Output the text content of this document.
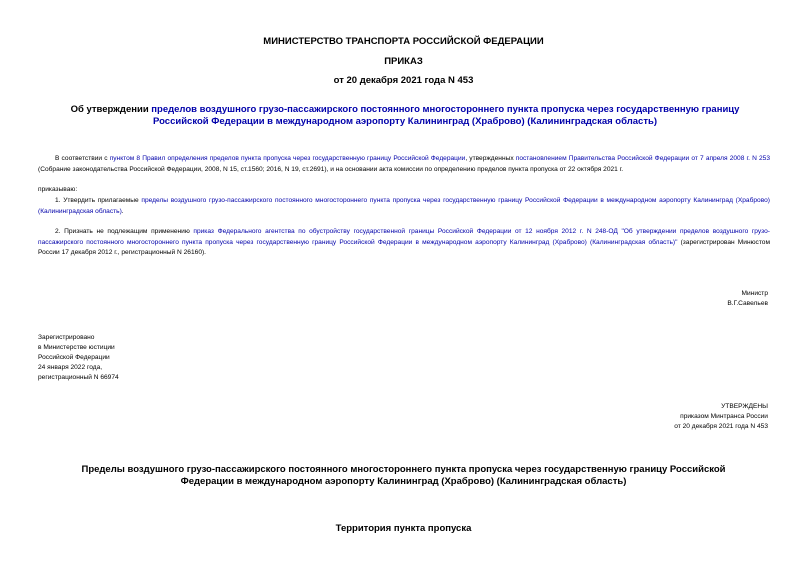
МИНИСТЕРСТВО ТРАНСПОРТА РОССИЙСКОЙ ФЕДЕРАЦИИ
ПРИКАЗ
от 20 декабря 2021 года N 453
Об утверждении пределов воздушного грузо-пассажирского постоянного многостороннего пункта пропуска через государственную границу Российской Федерации в международном аэропорту Калининград (Храброво) (Калининградская область)
В соответствии с пунктом 8 Правил определения пределов пункта пропуска через государственную границу Российской Федерации, утвержденных постановлением Правительства Российской Федерации от 7 апреля 2008 г. N 253 (Собрание законодательства Российской Федерации, 2008, N 15, ст.1560; 2016, N 19, ст.2691), и на основании акта комиссии по определению пределов пункта пропуска от 22 октября 2021 г.
приказываю:
1. Утвердить прилагаемые пределы воздушного грузо-пассажирского постоянного многостороннего пункта пропуска через государственную границу Российской Федерации в международном аэропорту Калининград (Храброво) (Калининградская область).
2. Признать не подлежащим применению приказ Федерального агентства по обустройству государственной границы Российской Федерации от 12 ноября 2012 г. N 248-ОД "Об утверждении пределов воздушного грузо-пассажирского постоянного многостороннего пункта пропуска через государственную границу Российской Федерации в международном аэропорту Калининград (Храброво) (Калининградская область)" (зарегистрирован Минюстом России 17 декабря 2012 г., регистрационный N 26160).
Министр
В.Г.Савельев
Зарегистрировано
в Министерстве юстиции
Российской Федерации
24 января 2022 года,
регистрационный N 66974
УТВЕРЖДЕНЫ
приказом Минтранса России
от 20 декабря 2021 года N 453
Пределы воздушного грузо-пассажирского постоянного многостороннего пункта пропуска через государственную границу Российской Федерации в международном аэропорту Калининград (Храброво) (Калининградская область)
Территория пункта пропуска
